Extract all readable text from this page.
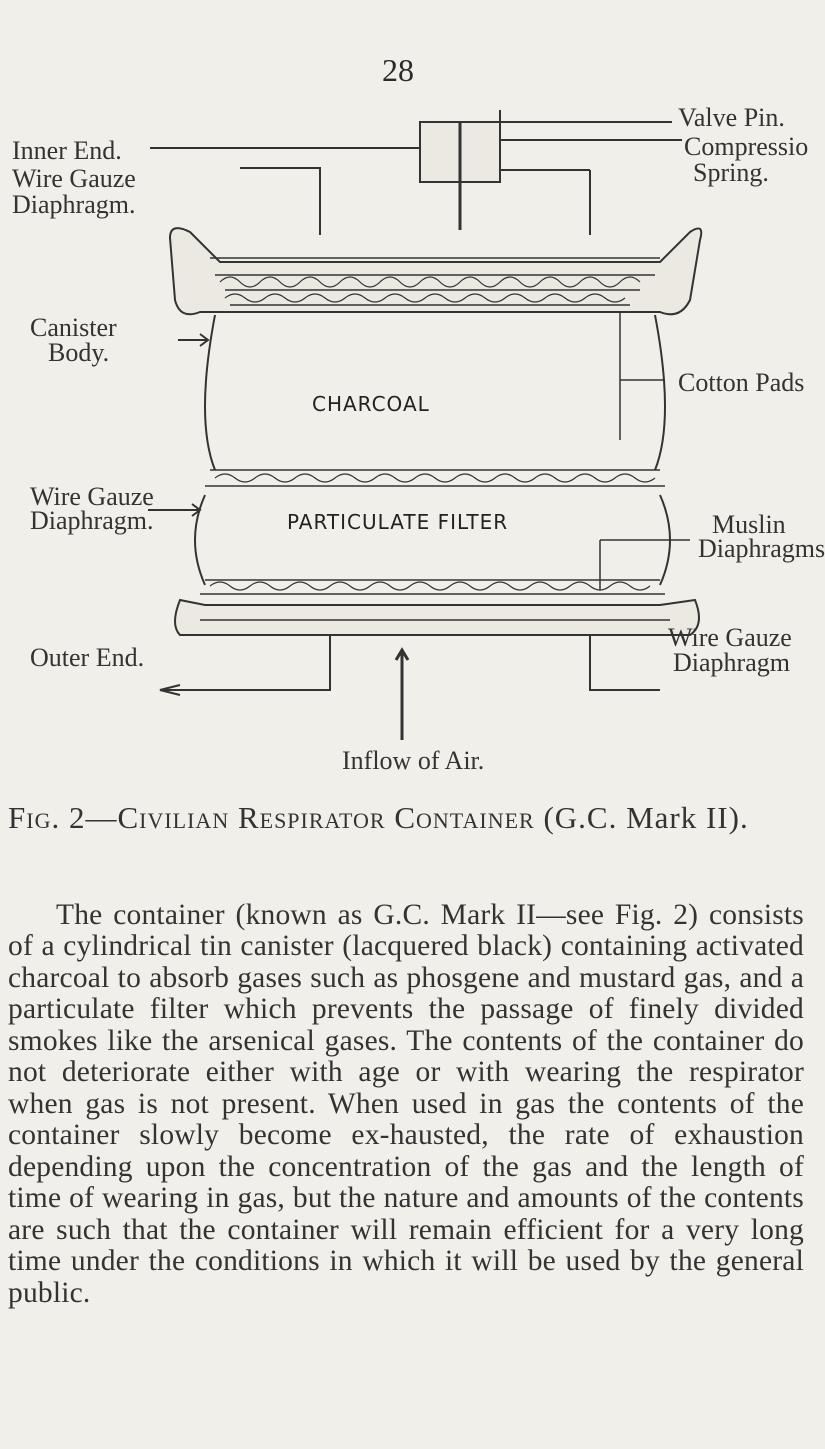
28
Valve Pin.
Inner End.	Compressio
Spring.
Wire Gauze
Diaphragm.
Canister
Body.
Cotton Pads
CHARCOAL
Wire Gauze
Diaphragm.	PARTICULATE FILTER	Muslin
Diaphragms
Outer End.
Wire Gauze
Diaphragm
Inflow of Air.
Fig. 2—Civilian Respirator Container (G.C. Mark II).

The container (known as G.C. Mark II—see Fig. 2) consists of a cylindrical tin canister (lacquered black) containing activated charcoal to absorb gases such as phosgene and mustard gas, and a particulate filter which prevents the passage of finely divided smokes like the arsenical gases. The contents of the container do not deteriorate either with age or with wearing the respirator when gas is not present. When used in gas the contents of the container slowly become ex-hausted, the rate of exhaustion depending upon the concentration of the gas and the length of time of wearing in gas, but the nature and amounts of the contents are such that the container will remain efficient for a very long time under the conditions in which it will be used by the general public.
